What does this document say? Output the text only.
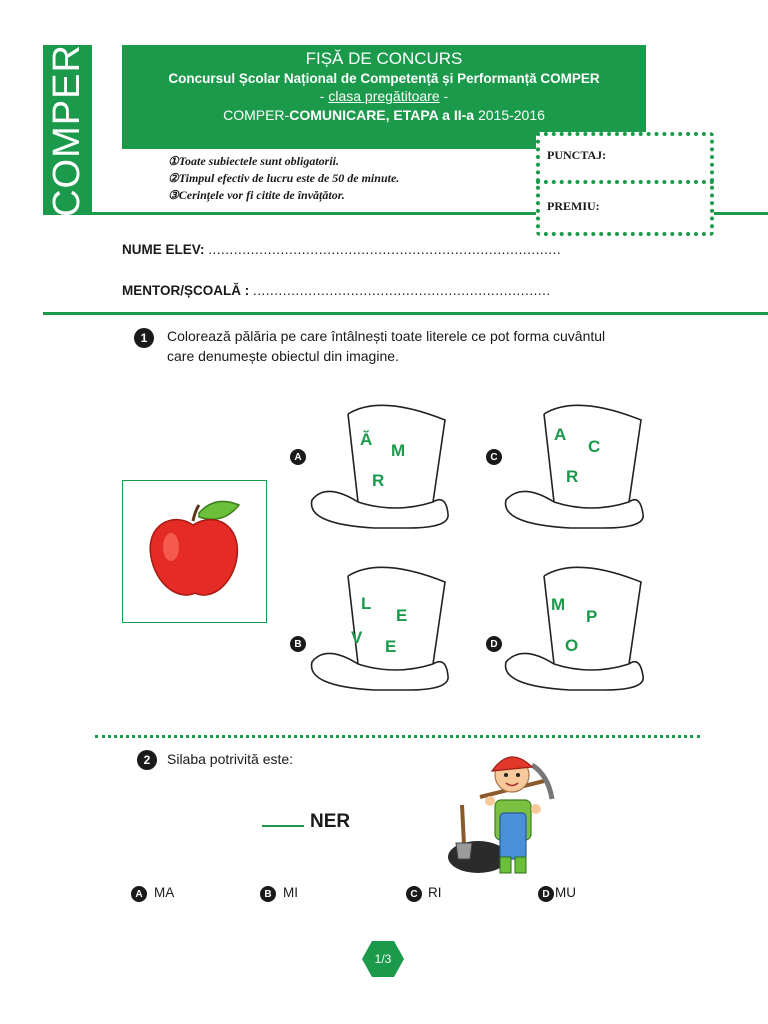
COMPER	FIȘĂ DE CONCURS
Concursul Școlar Național de Competență și Performanță COMPER
- clasa pregătitoare -
COMPER-COMUNICARE, ETAPA a II-a 2015-2016
①Toate subiectele sunt obligatorii.
②Timpul efectiv de lucru este de 50 de minute.
③Cerințele vor fi citite de învățător.
PUNCTAJ:
PREMIU:
NUME ELEV: ...................................................................................
MENTOR/ȘCOALĂ : ......................................................................
1	Colorează pălăria pe care întâlnești toate literele ce pot forma cuvântul
care denumește obiectul din imagine.
A	C
B	D
Ă
M
R
A
C
R
L
E
V E
M
P
O
2	Silaba potrivită este:
NER
A MA	B MI	C RI	D MU
1/3
